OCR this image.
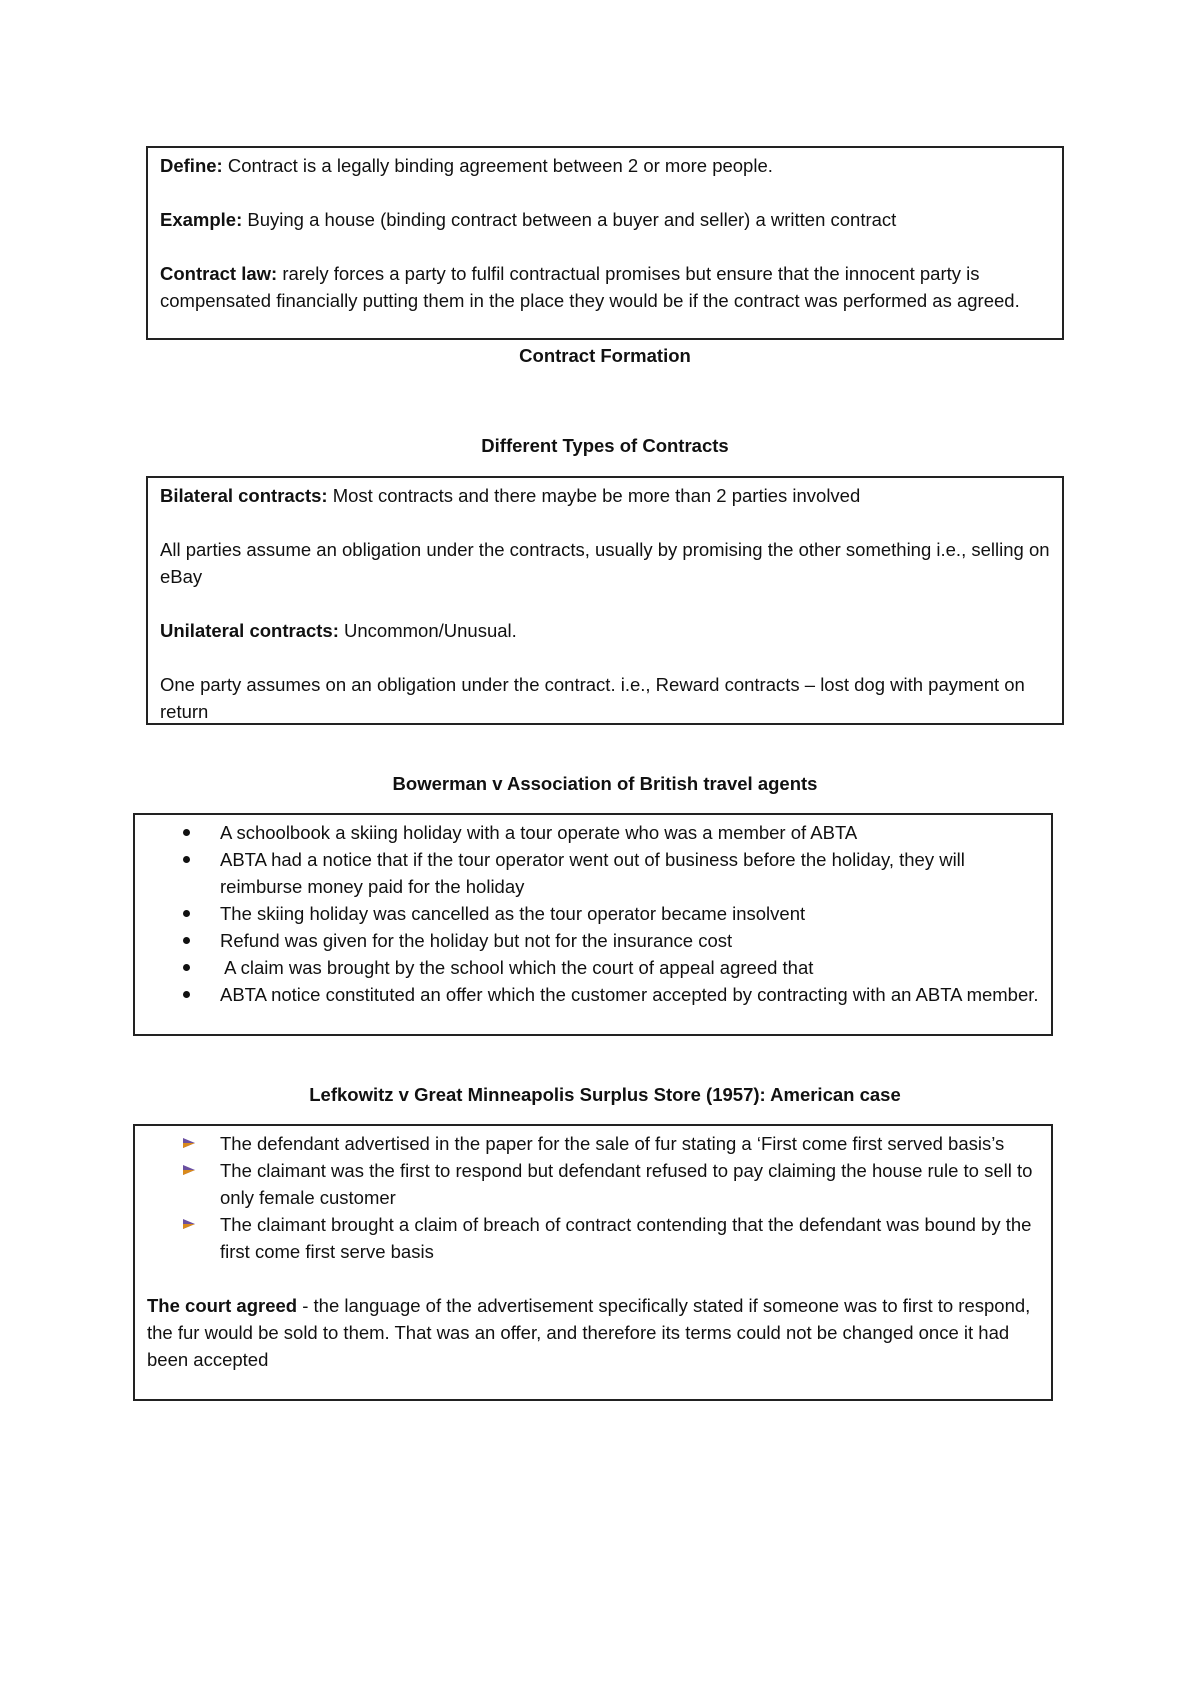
Define: Contract is a legally binding agreement between 2 or more people.

Example: Buying a house (binding contract between a buyer and seller) a written contract

Contract law: rarely forces a party to fulfil contractual promises but ensure that the innocent party is compensated financially putting them in the place they would be if the contract was performed as agreed.

Contract Formation
Different Types of Contracts

Bilateral contracts: Most contracts and there maybe be more than 2 parties involved

All parties assume an obligation under the contracts, usually by promising the other something i.e., selling on eBay

Unilateral contracts: Uncommon/Unusual.

One party assumes on an obligation under the contract. i.e., Reward contracts – lost dog with payment on return

Bowerman v Association of British travel agents
A schoolbook a skiing holiday with a tour operate who was a member of ABTA
ABTA had a notice that if the tour operator went out of business before the holiday, they will reimburse money paid for the holiday
The skiing holiday was cancelled as the tour operator became insolvent
Refund was given for the holiday but not for the insurance cost
A claim was brought by the school which the court of appeal agreed that
ABTA notice constituted an offer which the customer accepted by contracting with an ABTA member.
Lefkowitz v Great Minneapolis Surplus Store (1957): American case
The defendant advertised in the paper for the sale of fur stating a ‘First come first served basis’s
The claimant was the first to respond but defendant refused to pay claiming the house rule to sell to only female customer
The claimant brought a claim of breach of contract contending that the defendant was bound by the first come first serve basis

The court agreed - the language of the advertisement specifically stated if someone was to first to respond, the fur would be sold to them. That was an offer, and therefore its terms could not be changed once it had been accepted
